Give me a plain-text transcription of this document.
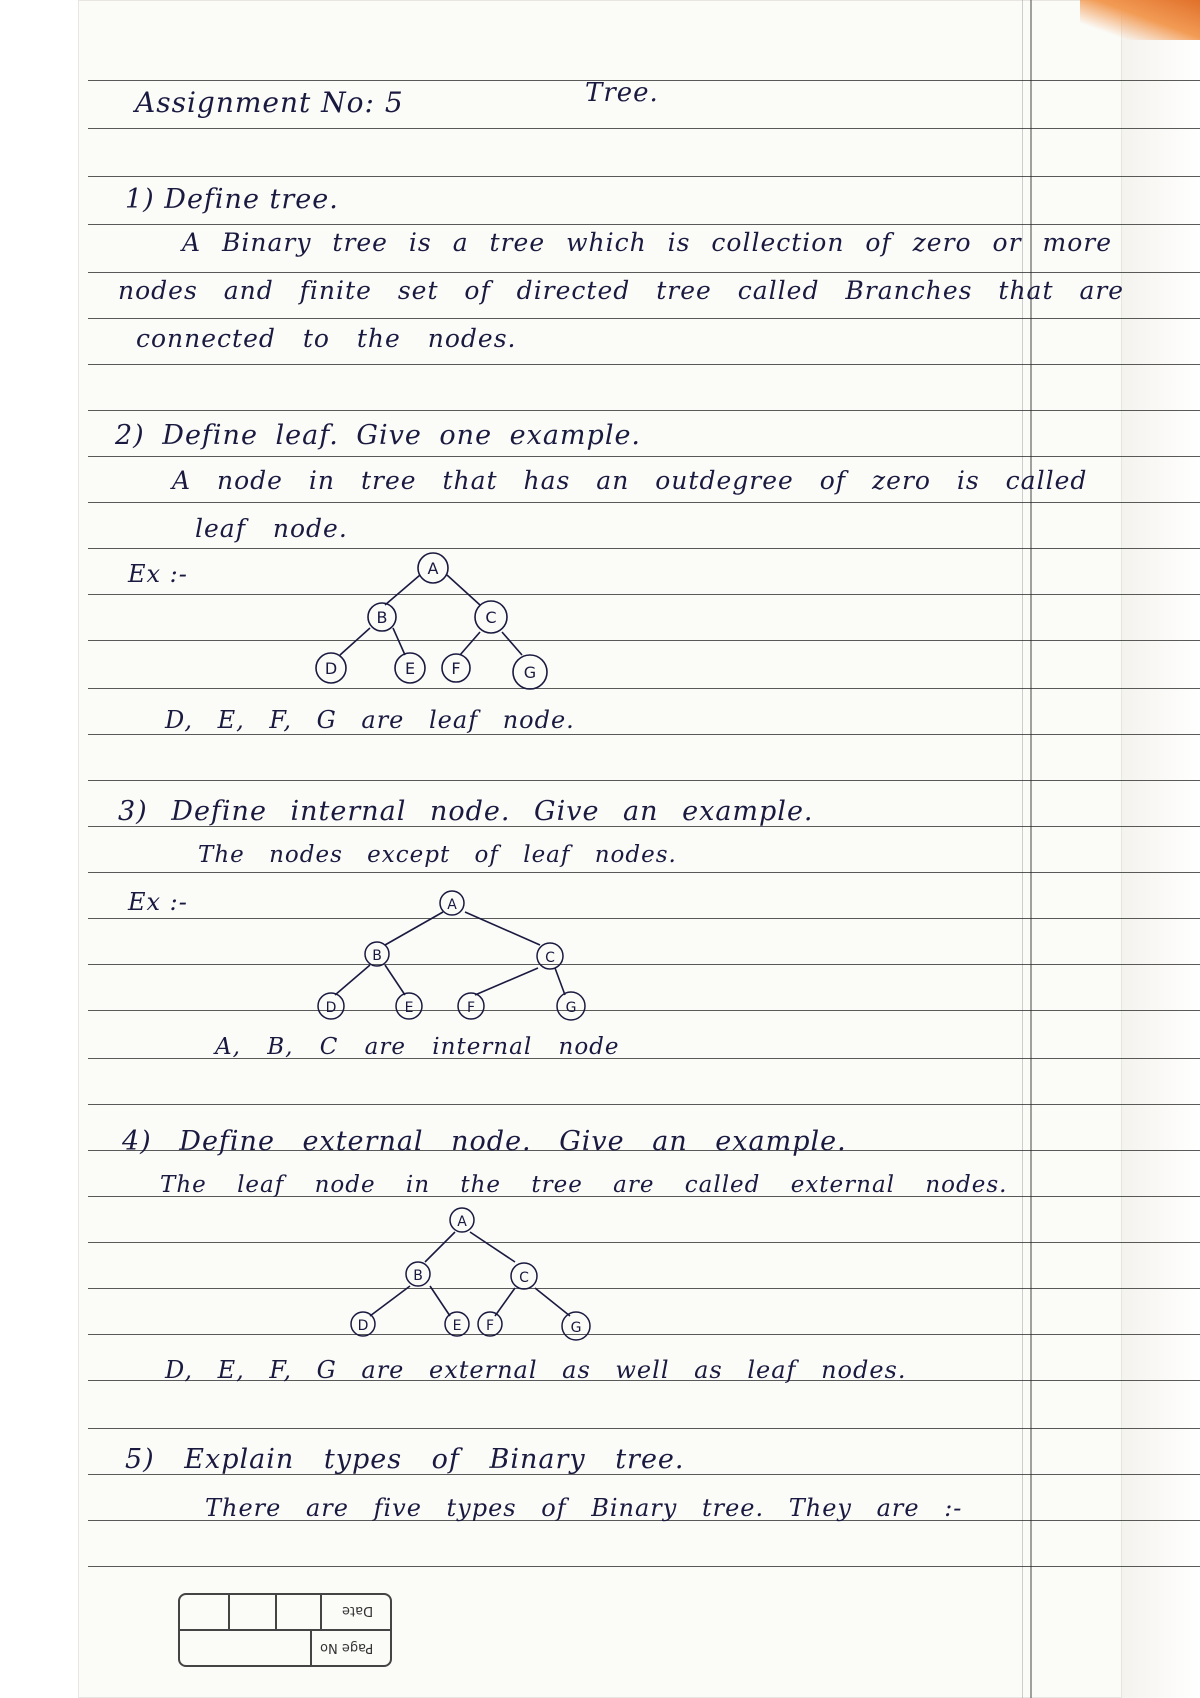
Assignment No: 5	Tree.
1) Define tree.
A Binary tree is a tree which is collection of zero or more
nodes and finite set of directed tree called Branches that are
connected to the nodes.
2) Define leaf. Give one example.
A node in tree that has an outdegree of zero is called
leaf node.
Ex :-	A
B	C
D	E F	G
D, E, F, G are leaf node.
3) Define internal node. Give an example.
The nodes except of leaf nodes.
Ex :-	A
B	C
D	E	F	G
A, B, C are internal node
4) Define external node. Give an example.
The leaf node in the tree are called external nodes.
A
B	C
D	E F	G
D, E, F, G are external as well as leaf nodes.
5) Explain types of Binary tree.
There are five types of Binary tree. They are :-
Date
Page No
